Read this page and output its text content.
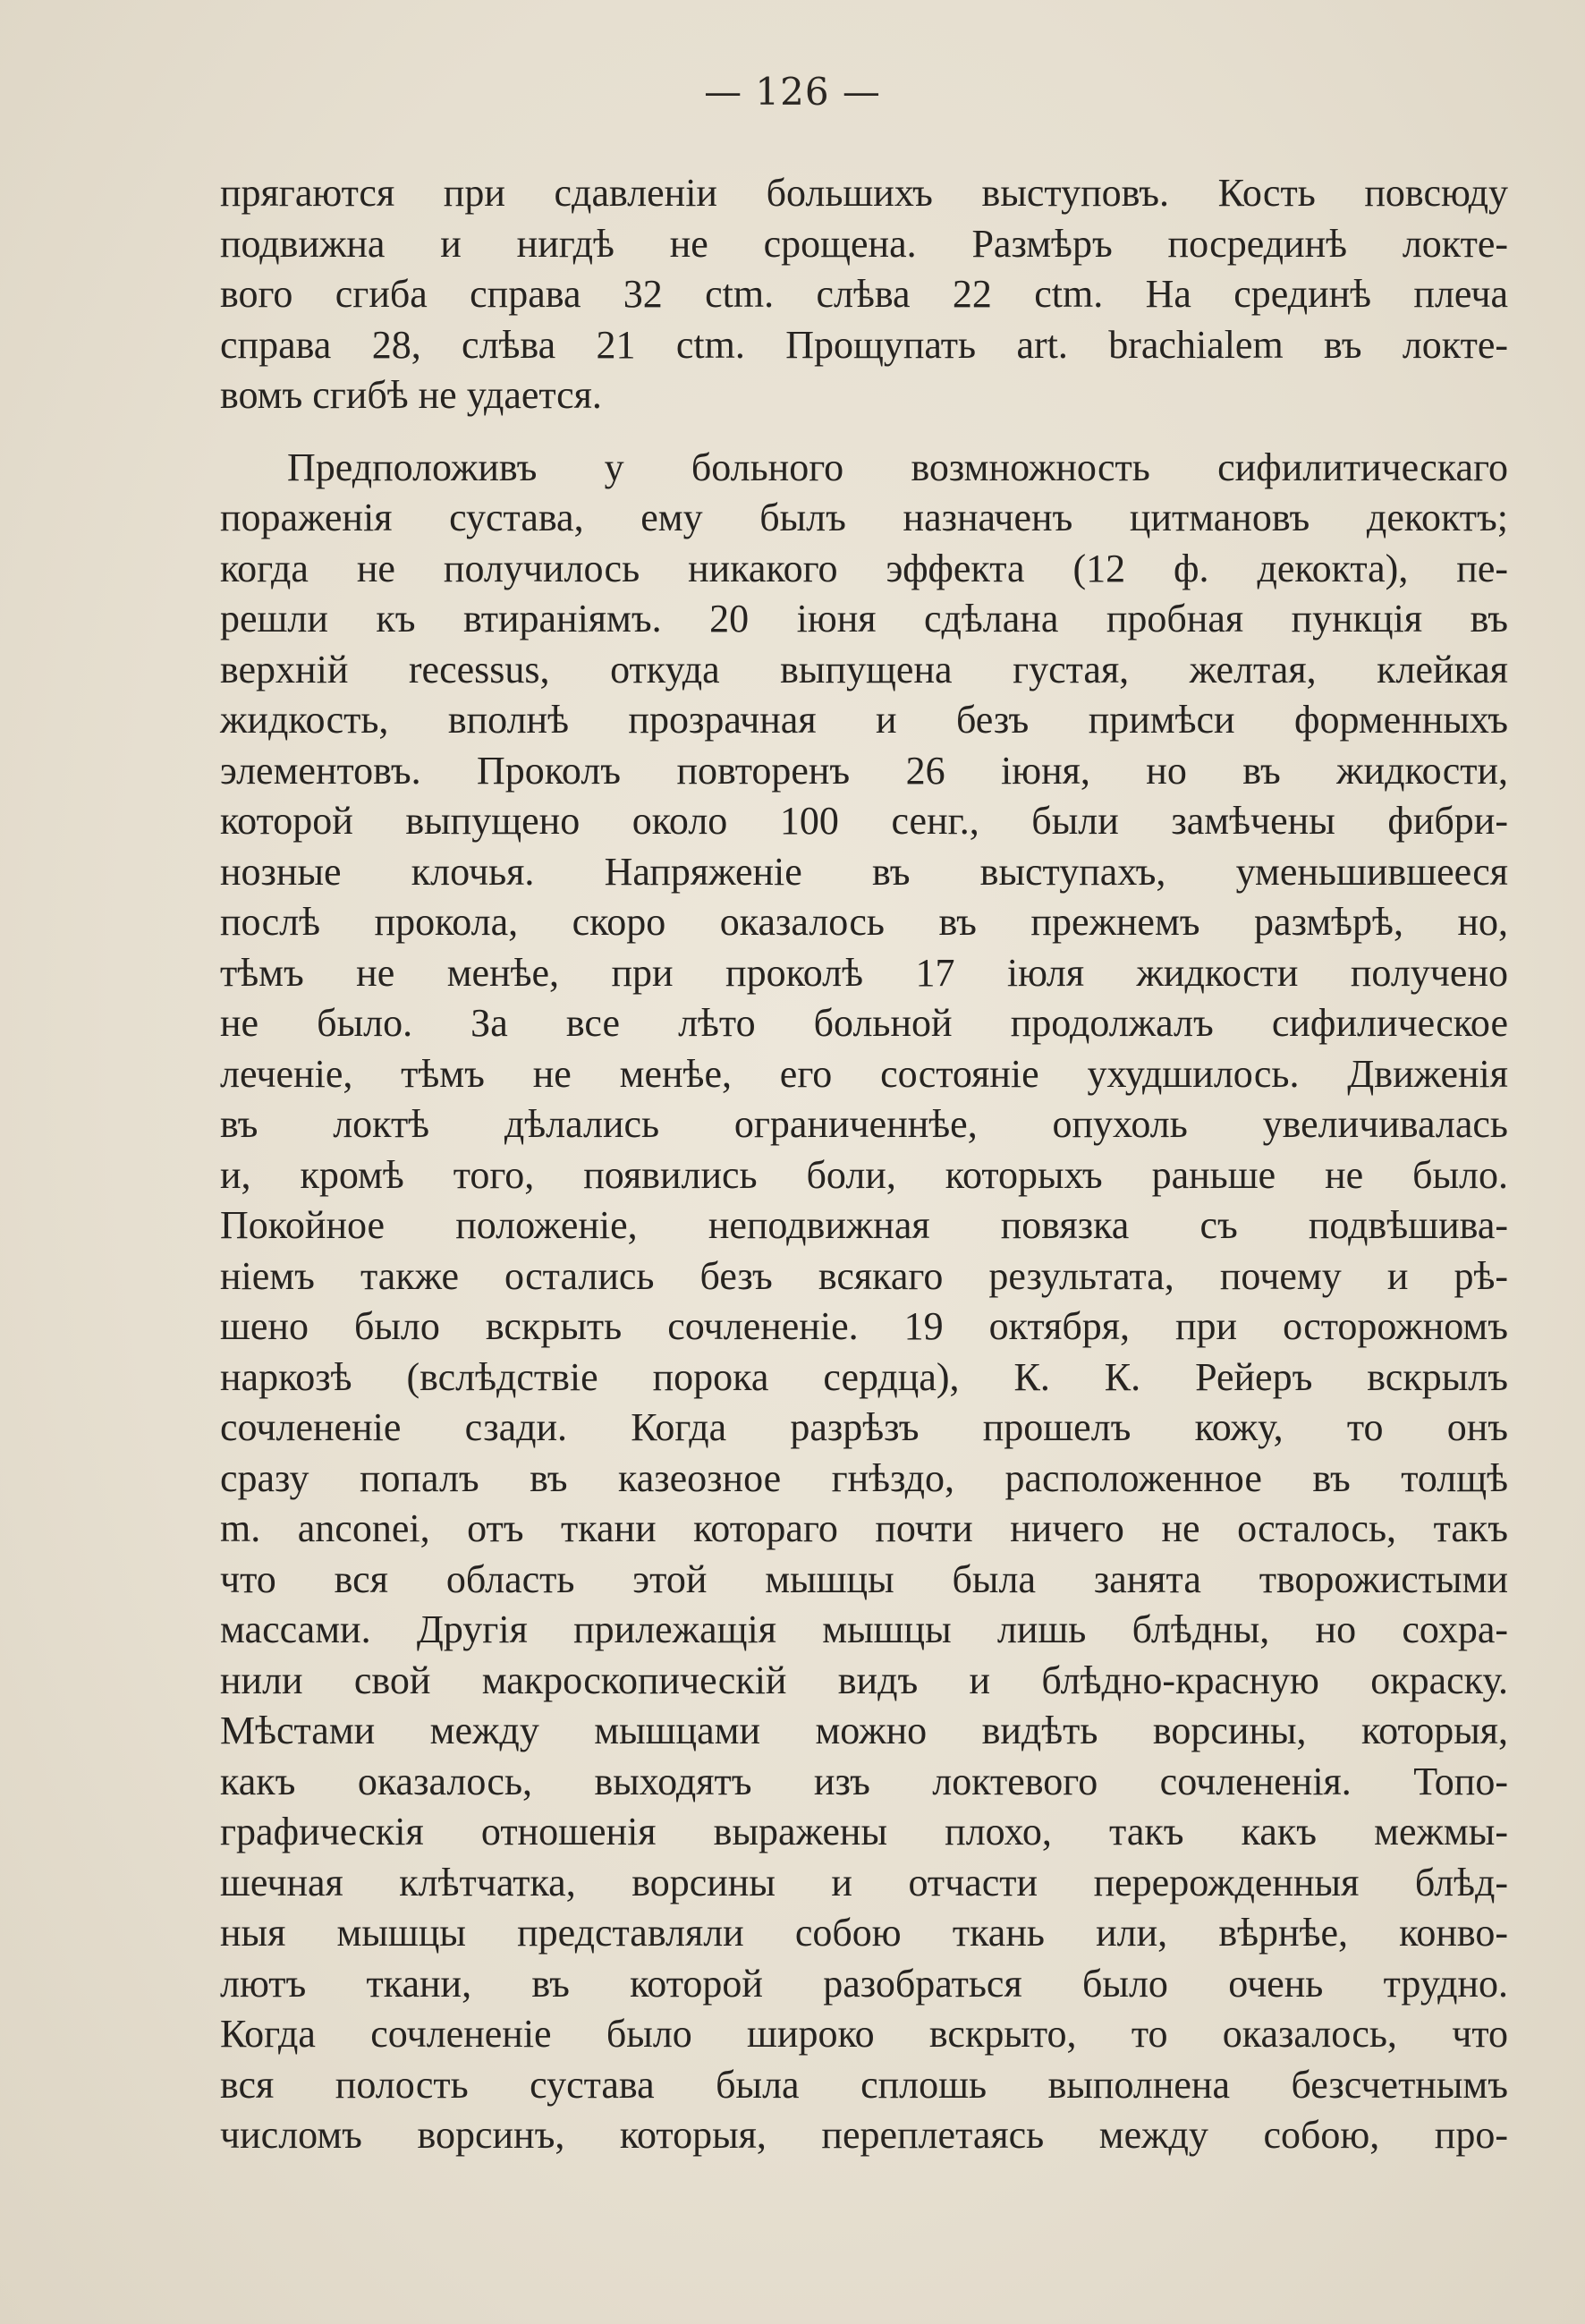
— 126 —
прягаются при сдавленіи большихъ выступовъ. Кость повсюду
подвижна и нигдѣ не срощена. Размѣръ посрединѣ локте-
вого сгиба справа 32 ctm. слѣва 22 ctm. На срединѣ плеча
справа 28, слѣва 21 ctm. Прощупать art. brachialem въ локте-
вомъ сгибѣ не удается.
Предположивъ у больного возмножность сифилитическаго
пораженія сустава, ему былъ назначенъ цитмановъ декоктъ;
когда не получилось никакого эффекта (12 ф. декокта), пе-
решли къ втираніямъ. 20 іюня сдѣлана пробная пункція въ
верхній recessus, откуда выпущена густая, желтая, клейкая
жидкость, вполнѣ прозрачная и безъ примѣси форменныхъ
элементовъ. Проколъ повторенъ 26 іюня, но въ жидкости,
которой выпущено около 100 сенг., были замѣчены фибри-
нозные клочья. Напряженіе въ выступахъ, уменьшившееся
послѣ прокола, скоро оказалось въ прежнемъ размѣрѣ, но,
тѣмъ не менѣе, при проколѣ 17 іюля жидкости получено
не было. За все лѣто больной продолжалъ сифилическое
леченіе, тѣмъ не менѣе, его состояніе ухудшилось. Движенія
въ локтѣ дѣлались ограниченнѣе, опухоль увеличивалась
и, кромѣ того, появились боли, которыхъ раньше не было.
Покойное положеніе, неподвижная повязка съ подвѣшива-
ніемъ также остались безъ всякаго результата, почему и рѣ-
шено было вскрыть сочлененіе. 19 октября, при осторожномъ
наркозѣ (вслѣдствіе порока сердца), К. К. Рейеръ вскрылъ
сочлененіе сзади. Когда разрѣзъ прошелъ кожу, то онъ
сразу попалъ въ казеозное гнѣздо, расположенное въ толщѣ
m. anconei, отъ ткани котораго почти ничего не осталось, такъ
что вся область этой мышцы была занята творожистыми
массами. Другія прилежащія мышцы лишь блѣдны, но сохра-
нили свой макроскопическій видъ и блѣдно-красную окраску.
Мѣстами между мышцами можно видѣть ворсины, которыя,
какъ оказалось, выходятъ изъ локтевого сочлененія. Топо-
графическія отношенія выражены плохо, такъ какъ межмы-
шечная клѣтчатка, ворсины и отчасти перерожденныя блѣд-
ныя мышцы представляли собою ткань или, вѣрнѣе, конво-
лютъ ткани, въ которой разобраться было очень трудно.
Когда сочлененіе было широко вскрыто, то оказалось, что
вся полость сустава была сплошь выполнена безсчетнымъ
числомъ ворсинъ, которыя, переплетаясь между собою, про-
